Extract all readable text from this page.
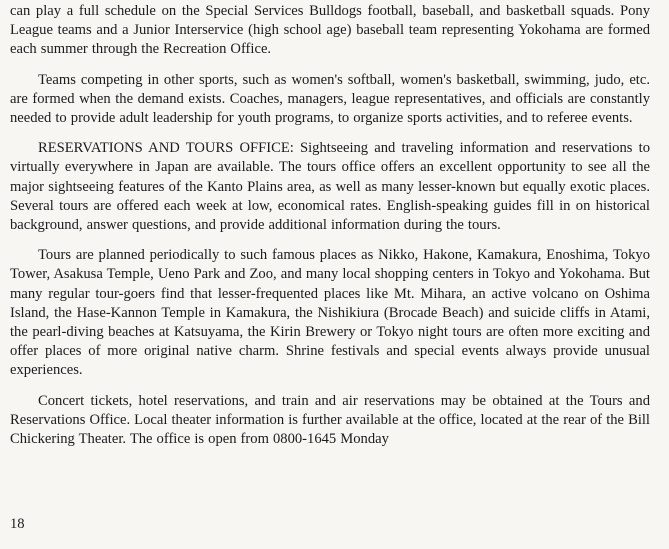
can play a full schedule on the Special Services Bulldogs football, baseball, and basketball squads. Pony League teams and a Junior Interservice (high school age) baseball team representing Yokohama are formed each summer through the Recreation Office.

Teams competing in other sports, such as women's softball, women's basketball, swimming, judo, etc. are formed when the demand exists. Coaches, managers, league representatives, and officials are constantly needed to provide adult leadership for youth programs, to organize sports activities, and to referee events.

RESERVATIONS AND TOURS OFFICE: Sightseeing and traveling information and reservations to virtually everywhere in Japan are available. The tours office offers an excellent opportunity to see all the major sightseeing features of the Kanto Plains area, as well as many lesser-known but equally exotic places. Several tours are offered each week at low, economical rates. English-speaking guides fill in on historical background, answer questions, and provide additional information during the tours.

Tours are planned periodically to such famous places as Nikko, Hakone, Kamakura, Enoshima, Tokyo Tower, Asakusa Temple, Ueno Park and Zoo, and many local shopping centers in Tokyo and Yokohama. But many regular tour-goers find that lesser-frequented places like Mt. Mihara, an active volcano on Oshima Island, the Hase-Kannon Temple in Kamakura, the Nishikiura (Brocade Beach) and suicide cliffs in Atami, the pearl-diving beaches at Katsuyama, the Kirin Brewery or Tokyo night tours are often more exciting and offer places of more original native charm. Shrine festivals and special events always provide unusual experiences.

Concert tickets, hotel reservations, and train and air reservations may be obtained at the Tours and Reservations Office. Local theater information is further available at the office, located at the rear of the Bill Chickering Theater. The office is open from 0800-1645 Monday

18
